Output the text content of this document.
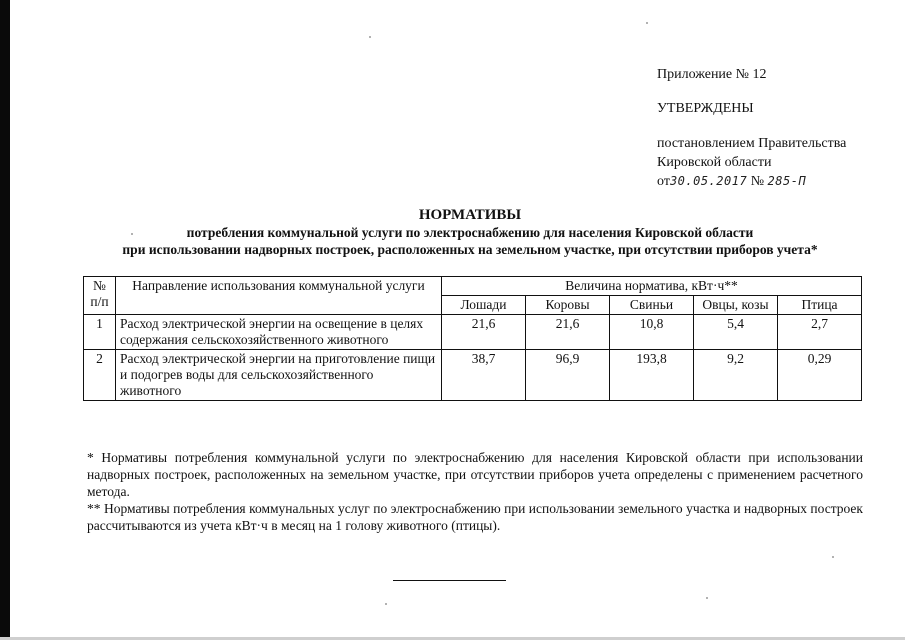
Приложение № 12
УТВЕРЖДЕНЫ
постановлением Правительства
Кировской области
от30.05.2017 № 285-П
НОРМАТИВЫ
потребления коммунальной услуги по электроснабжению для населения Кировской области
при использовании надворных построек, расположенных на земельном участке, при отсутствии приборов учета*
№
п/п	Направление использования коммунальной услуги	Величина норматива, кВт·ч**				
		Лошади	Коровы	Свиньи	Овцы, козы	Птица
1	Расход электрической энергии на освещение в целях содержания сельскохозяйственного животного	21,6	21,6	10,8	5,4	2,7
2	Расход электрической энергии на приготовление пищи и подогрев воды для сельскохозяйственного животного	38,7	96,9	193,8	9,2	0,29

* Нормативы потребления коммунальной услуги по электроснабжению для населения Кировской области при использовании надворных построек, расположенных на земельном участке, при отсутствии приборов учета определены с применением расчетного метода.

** Нормативы потребления коммунальных услуг по электроснабжению при использовании земельного участка и надворных построек рассчитываются из учета кВт·ч в месяц на 1 голову животного (птицы).
